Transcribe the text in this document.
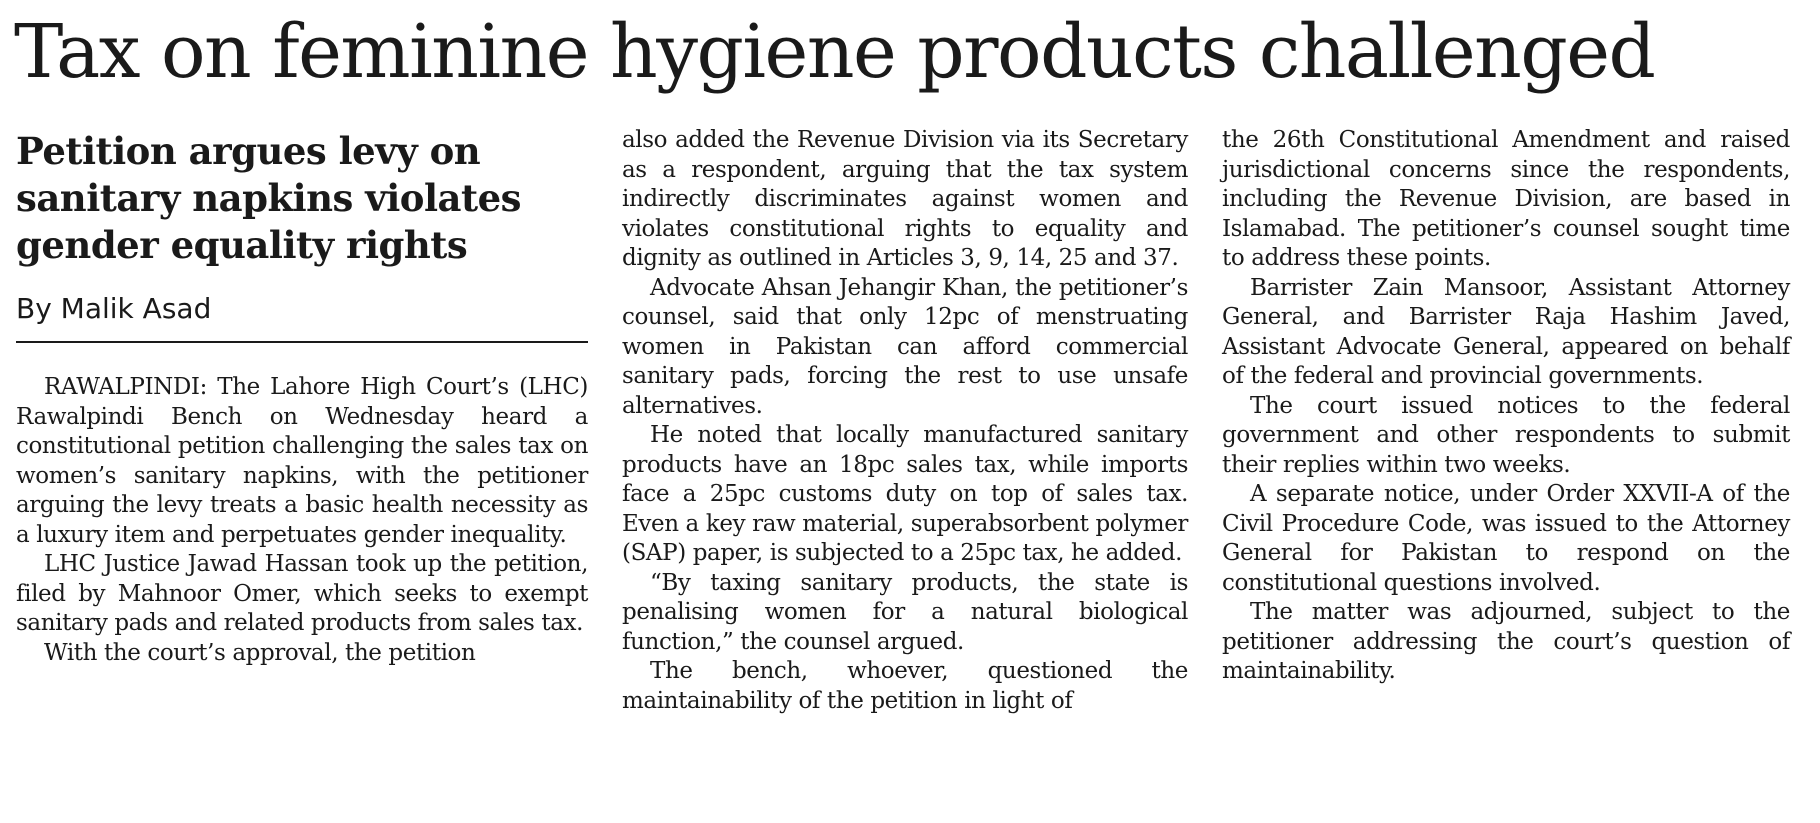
Tax on feminine hygiene products challenged
Petition argues levy on sanitary napkins violates gender equality rights
By Malik Asad

RAWALPINDI: The Lahore High Court’s (LHC) Rawalpindi Bench on Wednesday heard a constitutional petition challenging the sales tax on women’s sanitary napkins, with the petitioner arguing the levy treats a basic health necessity as a luxury item and perpetuates gender inequality.

LHC Justice Jawad Hassan took up the petition, filed by Mahnoor Omer, which seeks to exempt sanitary pads and related products from sales tax.

With the court’s approval, the petition

also added the Revenue Division via its Secretary as a respondent, arguing that the tax system indirectly discriminates against women and violates constitutional rights to equality and dignity as outlined in Articles 3, 9, 14, 25 and 37.

Advocate Ahsan Jehangir Khan, the petitioner’s counsel, said that only 12pc of menstruating women in Pakistan can afford commercial sanitary pads, forcing the rest to use unsafe alternatives.

He noted that locally manufactured sanitary products have an 18pc sales tax, while imports face a 25pc customs duty on top of sales tax. Even a key raw material, superabsorbent polymer (SAP) paper, is subjected to a 25pc tax, he added.

“By taxing sanitary products, the state is penalising women for a natural biological function,” the counsel argued.

The bench, whoever, questioned the maintainability of the petition in light of

the 26th Constitutional Amendment and raised jurisdictional concerns since the respondents, including the Revenue Division, are based in Islamabad. The petitioner’s counsel sought time to address these points.

Barrister Zain Mansoor, Assistant Attorney General, and Barrister Raja Hashim Javed, Assistant Advocate General, appeared on behalf of the federal and provincial governments.

The court issued notices to the federal government and other respondents to submit their replies within two weeks.

A separate notice, under Order XXVII-A of the Civil Procedure Code, was issued to the Attorney General for Pakistan to respond on the constitutional questions involved.

The matter was adjourned, subject to the petitioner addressing the court’s question of maintainability.
